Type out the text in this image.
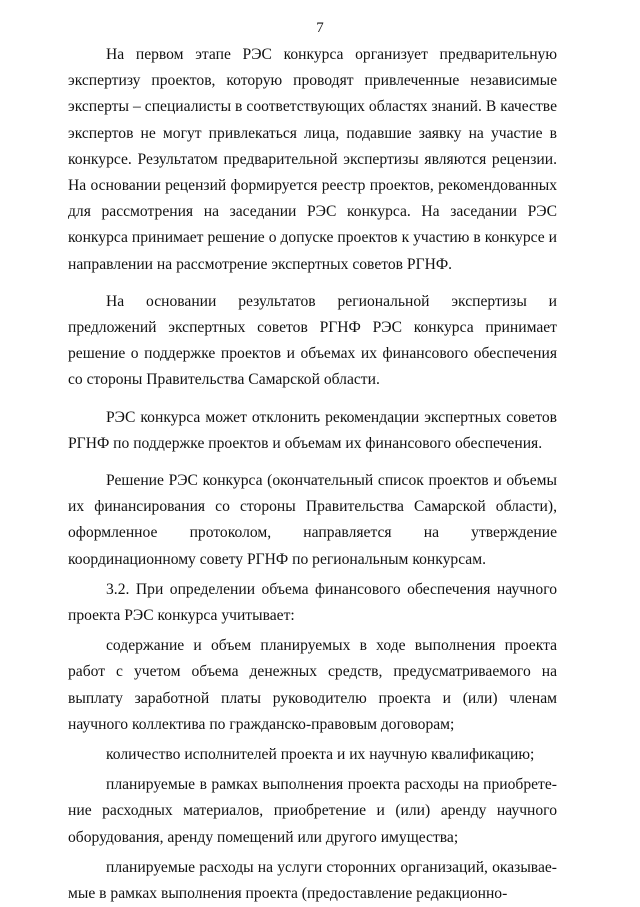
7

На первом этапе РЭС конкурса организует предварительную экспертизу проектов, которую проводят привлеченные независимые эксперты – специалисты в соответствующих областях знаний. В качестве экспертов не могут привлекаться лица, подавшие заявку на участие в конкурсе. Результатом предварительной экспертизы являются рецензии. На основании рецензий формируется реестр проектов, рекомендованных для рассмотрения на заседании РЭС конкурса. На заседании РЭС конкурса принимает решение о допуске проектов к участию в конкурсе и направлении на рассмотрение экспертных советов РГНФ.

На основании результатов региональной экспертизы и предложений экспертных советов РГНФ РЭС конкурса принимает решение о поддержке проектов и объемах их финансового обеспечения со стороны Правительства Самарской области.

РЭС конкурса может отклонить рекомендации экспертных советов РГНФ по поддержке проектов и объемам их финансового обеспечения.

Решение РЭС конкурса (окончательный список проектов и объемы их финансирования со стороны Правительства Самарской области), оформленное протоколом, направляется на утверждение координационному совету РГНФ по региональным конкурсам.

3.2. При определении объема финансового обеспечения научного проекта РЭС конкурса учитывает:

содержание и объем планируемых в ходе выполнения проекта работ с учетом объема денежных средств, предусматриваемого на выплату заработной платы руководителю проекта и (или) членам научного коллектива по гражданско-правовым договорам;

количество исполнителей проекта и их научную квалификацию;

планируемые в рамках выполнения проекта расходы на приобретение расходных материалов, приобретение и (или) аренду научного оборудования, аренду помещений или другого имущества;

планируемые расходы на услуги сторонних организаций, оказываемые в рамках выполнения проекта (предоставление редакционно-
